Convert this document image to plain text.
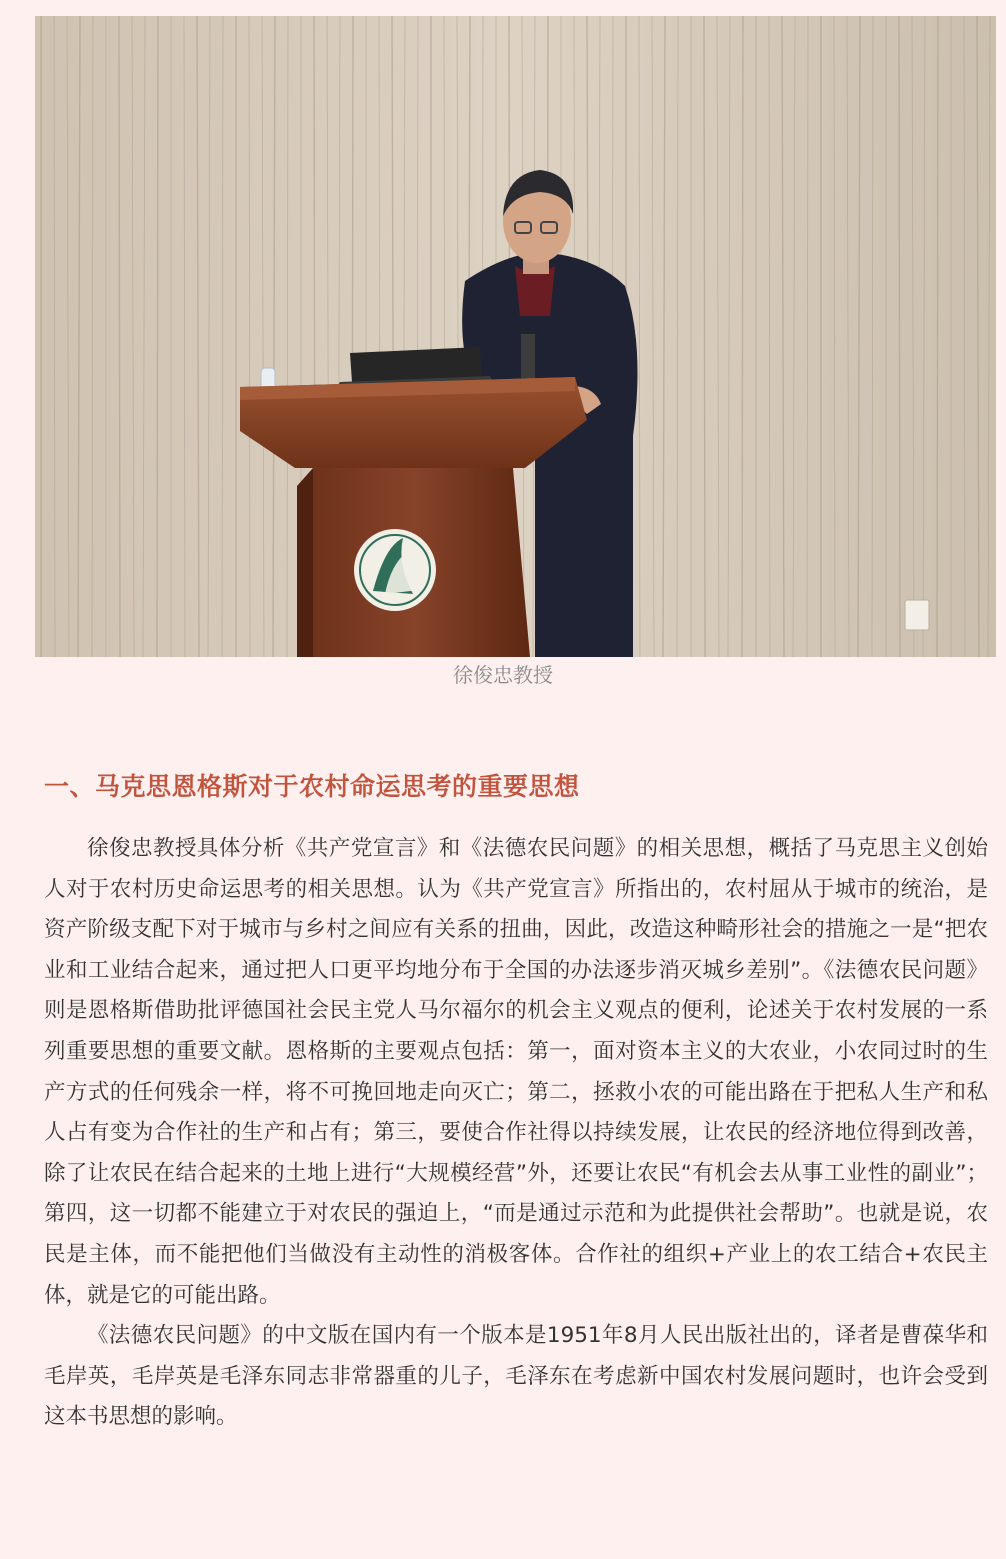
徐俊忠教授
一、马克思恩格斯对于农村命运思考的重要思想

徐俊忠教授具体分析《共产党宣言》和《法德农民问题》的相关思想，概括了马克思主义创始人对于农村历史命运思考的相关思想。认为《共产党宣言》所指出的，农村屈从于城市的统治，是资产阶级支配下对于城市与乡村之间应有关系的扭曲，因此，改造这种畸形社会的措施之一是“把农业和工业结合起来，通过把人口更平均地分布于全国的办法逐步消灭城乡差别”。《法德农民问题》则是恩格斯借助批评德国社会民主党人马尔福尔的机会主义观点的便利，论述关于农村发展的一系列重要思想的重要文献。恩格斯的主要观点包括：第一，面对资本主义的大农业，小农同过时的生产方式的任何残余一样，将不可挽回地走向灭亡；第二，拯救小农的可能出路在于把私人生产和私人占有变为合作社的生产和占有；第三，要使合作社得以持续发展，让农民的经济地位得到改善，除了让农民在结合起来的土地上进行“大规模经营”外，还要让农民“有机会去从事工业性的副业”；第四，这一切都不能建立于对农民的强迫上，“而是通过示范和为此提供社会帮助”。也就是说，农民是主体，而不能把他们当做没有主动性的消极客体。合作社的组织+产业上的农工结合+农民主体，就是它的可能出路。

《法德农民问题》的中文版在国内有一个版本是1951年8月人民出版社出的，译者是曹葆华和毛岸英，毛岸英是毛泽东同志非常器重的儿子，毛泽东在考虑新中国农村发展问题时，也许会受到这本书思想的影响。
